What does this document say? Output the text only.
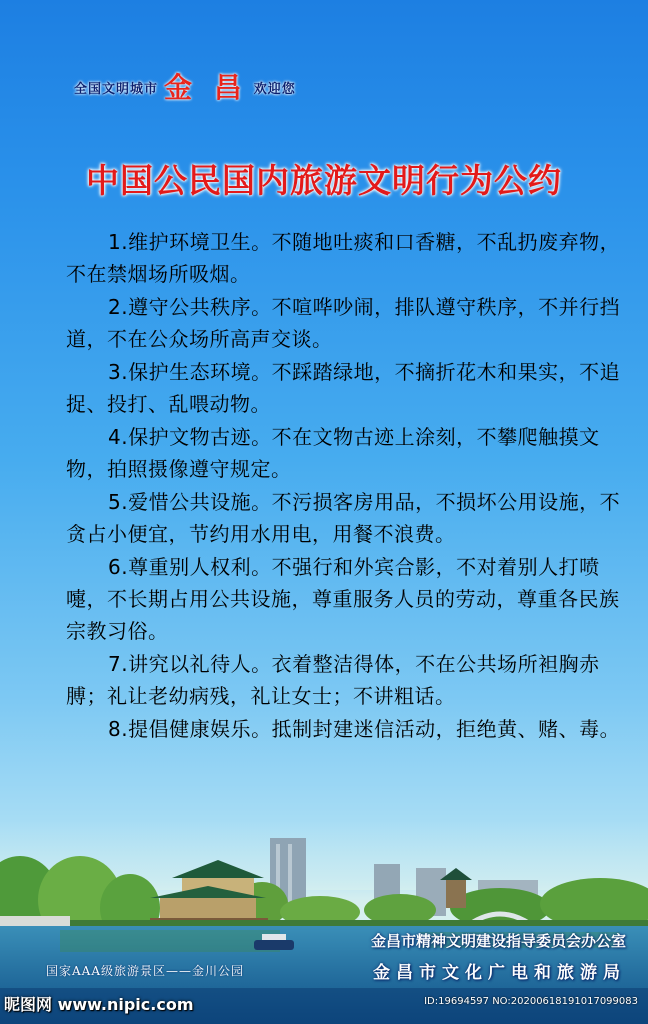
全国文明城市 金 昌 欢迎您
中国公民国内旅游文明行为公约
1.维护环境卫生。不随地吐痰和口香糖，不乱扔废弃物，不在禁烟场所吸烟。
2.遵守公共秩序。不喧哗吵闹，排队遵守秩序，不并行挡道，不在公众场所高声交谈。
3.保护生态环境。不踩踏绿地，不摘折花木和果实，不追捉、投打、乱喂动物。
4.保护文物古迹。不在文物古迹上涂刻，不攀爬触摸文物，拍照摄像遵守规定。
5.爱惜公共设施。不污损客房用品，不损坏公用设施，不贪占小便宜，节约用水用电，用餐不浪费。
6.尊重别人权利。不强行和外宾合影，不对着别人打喷嚏，不长期占用公共设施，尊重服务人员的劳动，尊重各民族宗教习俗。
7.讲究以礼待人。衣着整洁得体，不在公共场所袒胸赤膊；礼让老幼病残，礼让女士；不讲粗话。
8.提倡健康娱乐。抵制封建迷信活动，拒绝黄、赌、毒。
金昌市精神文明建设指导委员会办公室
金昌市文化广电和旅游局
国家AAA级旅游景区——金川公园
昵图网 www.nipic.com	ID:19694597 NO:20200618191017099083
